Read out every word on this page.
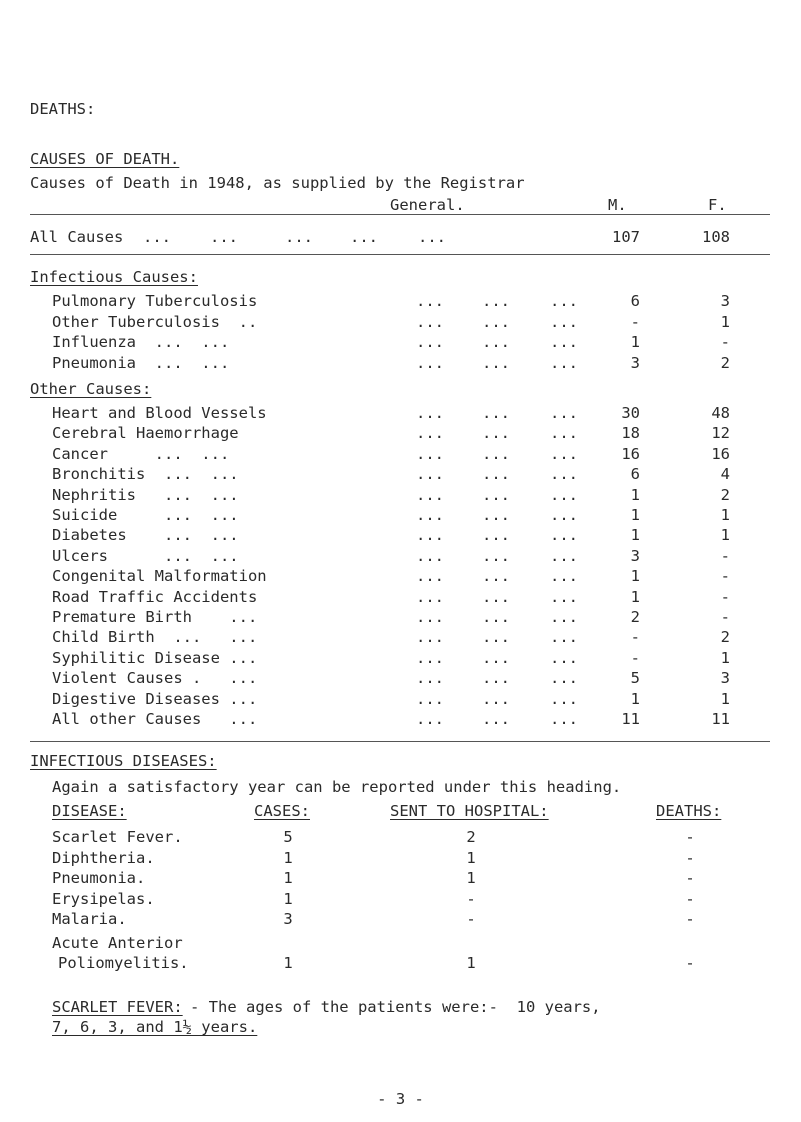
DEATHS:
CAUSES OF DEATH.
Causes of Death in 1948, as supplied by the Registrar
General.	M.	F.
All Causes ...	...	... ...	...	107	108
Infectious Causes:
Pulmonary Tuberculosis	... ...	...	6	3
Other Tuberculosis  ..	... ...	...	-	1
Influenza  ...  ...	... ...	...	1	-
Pneumonia  ...  ...	... ...	...	3	2
Other Causes:
Heart and Blood Vessels	... ...	...	30	48
Cerebral Haemorrhage	... ...	...	18	12
Cancer     ...  ...	... ...	...	16	16
Bronchitis  ...  ...	... ...	...	6	4
Nephritis   ...  ...	... ...	...	1	2
Suicide     ...  ...	... ...	...	1	1
Diabetes    ...  ...	... ...	...	1	1
Ulcers      ...  ...	... ...	...	3	-
Congenital Malformation	... ...	...	1	-
Road Traffic Accidents	... ...	...	1	-
Premature Birth    ...	... ...	...	2	-
Child Birth  ...   ...	... ...	...	-	2
Syphilitic Disease ...	... ...	...	-	1
Violent Causes .   ...	... ...	...	5	3
Digestive Diseases ...	... ...	...	1	1
All other Causes   ...	... ...	...	11	11
INFECTIOUS DISEASES:
Again a satisfactory year can be reported under this heading.
DISEASE:	CASES:	SENT TO HOSPITAL:	DEATHS:
Scarlet Fever.	5	2	-
Diphtheria.	1	1	-
Pneumonia.	1	1	-
Erysipelas.	1	-	-
Malaria.	3	-	-
Acute Anterior
Poliomyelitis.	1	1	-
SCARLET FEVER: - The ages of the patients were:-  10 years,
7, 6, 3, and 1½ years.
- 3 -
